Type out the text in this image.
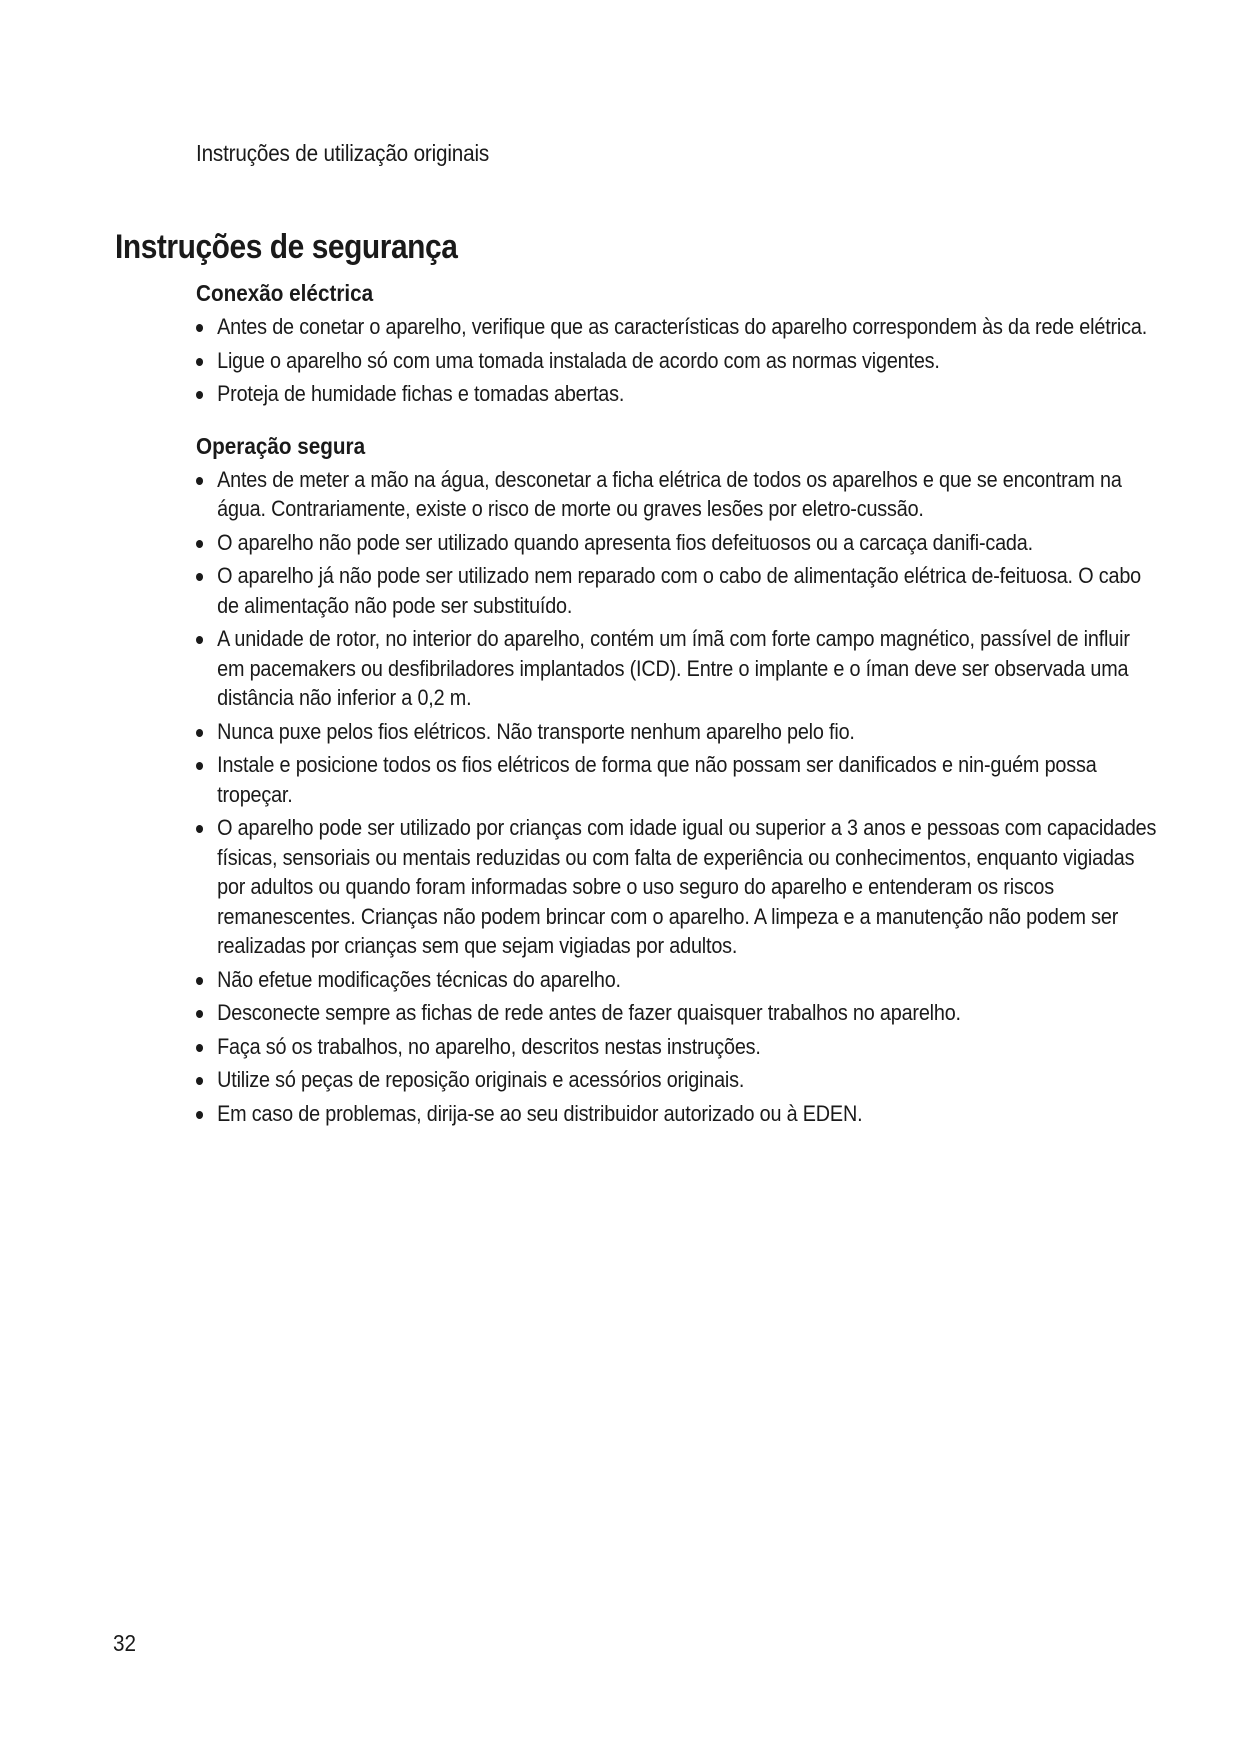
Instruções de utilização originais
Instruções de segurança
Conexão eléctrica
Antes de conetar o aparelho, verifique que as características do aparelho correspondem às da rede elétrica.
Ligue o aparelho só com uma tomada instalada de acordo com as normas vigentes.
Proteja de humidade fichas e tomadas abertas.
Operação segura
Antes de meter a mão na água, desconetar a ficha elétrica de todos os aparelhos e que se encontram na água. Contrariamente, existe o risco de morte ou graves lesões por eletro-cussão.
O aparelho não pode ser utilizado quando apresenta fios defeituosos ou a carcaça danifi-cada.
O aparelho já não pode ser utilizado nem reparado com o cabo de alimentação elétrica de-feituosa. O cabo de alimentação não pode ser substituído.
A unidade de rotor, no interior do aparelho, contém um ímã com forte campo magnético, passível de influir em pacemakers ou desfibriladores implantados (ICD). Entre o implante e o íman deve ser observada uma distância não inferior a 0,2 m.
Nunca puxe pelos fios elétricos. Não transporte nenhum aparelho pelo fio.
Instale e posicione todos os fios elétricos de forma que não possam ser danificados e nin-guém possa tropeçar.
O aparelho pode ser utilizado por crianças com idade igual ou superior a 3 anos e pessoas com capacidades físicas, sensoriais ou mentais reduzidas ou com falta de experiência ou conhecimentos, enquanto vigiadas por adultos ou quando foram informadas sobre o uso seguro do aparelho e entenderam os riscos remanescentes. Crianças não podem brincar com o aparelho. A limpeza e a manutenção não podem ser realizadas por crianças sem que sejam vigiadas por adultos.
Não efetue modificações técnicas do aparelho.
Desconecte sempre as fichas de rede antes de fazer quaisquer trabalhos no aparelho.
Faça só os trabalhos, no aparelho, descritos nestas instruções.
Utilize só peças de reposição originais e acessórios originais.
Em caso de problemas, dirija-se ao seu distribuidor autorizado ou à EDEN.
32
